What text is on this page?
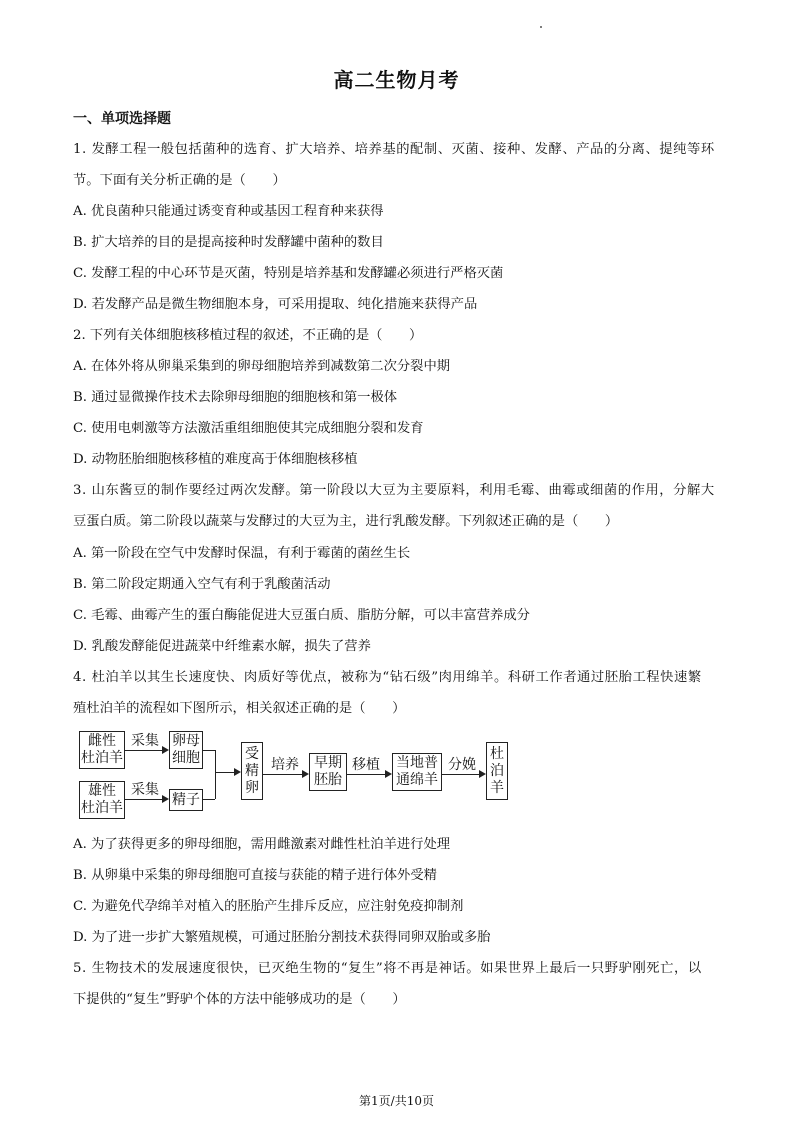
高二生物月考
一、单项选择题
1. 发酵工程一般包括菌种的选育、扩大培养、培养基的配制、灭菌、接种、发酵、产品的分离、提纯等环
节。下面有关分析正确的是（　　）
A. 优良菌种只能通过诱变育种或基因工程育种来获得
B. 扩大培养的目的是提高接种时发酵罐中菌种的数目
C. 发酵工程的中心环节是灭菌，特别是培养基和发酵罐必须进行严格灭菌
D. 若发酵产品是微生物细胞本身，可采用提取、纯化措施来获得产品
2. 下列有关体细胞核移植过程的叙述，不正确的是（　　）
A. 在体外将从卵巢采集到的卵母细胞培养到减数第二次分裂中期
B. 通过显微操作技术去除卵母细胞的细胞核和第一极体
C. 使用电刺激等方法激活重组细胞使其完成细胞分裂和发育
D. 动物胚胎细胞核移植的难度高于体细胞核移植
3. 山东酱豆的制作要经过两次发酵。第一阶段以大豆为主要原料，利用毛霉、曲霉或细菌的作用，分解大
豆蛋白质。第二阶段以蔬菜与发酵过的大豆为主，进行乳酸发酵。下列叙述正确的是（　　）
A. 第一阶段在空气中发酵时保温，有利于霉菌的菌丝生长
B. 第二阶段定期通入空气有利于乳酸菌活动
C. 毛霉、曲霉产生的蛋白酶能促进大豆蛋白质、脂肪分解，可以丰富营养成分
D. 乳酸发酵能促进蔬菜中纤维素水解，损失了营养
4. 杜泊羊以其生长速度快、肉质好等优点，被称为“钻石级”肉用绵羊。科研工作者通过胚胎工程快速繁
殖杜泊羊的流程如下图所示，相关叙述正确的是（　　）
雌性
杜泊羊
雄性
杜泊羊
采集
采集
卵母
细胞
精子
受
精
卵
培养	早期
胚胎
移植 当地普
通绵羊
分娩
杜
泊
羊
A. 为了获得更多的卵母细胞，需用雌激素对雌性杜泊羊进行处理
B. 从卵巢中采集的卵母细胞可直接与获能的精子进行体外受精
C. 为避免代孕绵羊对植入的胚胎产生排斥反应，应注射免疫抑制剂
D. 为了进一步扩大繁殖规模，可通过胚胎分割技术获得同卵双胎或多胎
5. 生物技术的发展速度很快，已灭绝生物的“复生”将不再是神话。如果世界上最后一只野驴刚死亡，以
下提供的“复生”野驴个体的方法中能够成功的是（　　）
第1页/共10页
